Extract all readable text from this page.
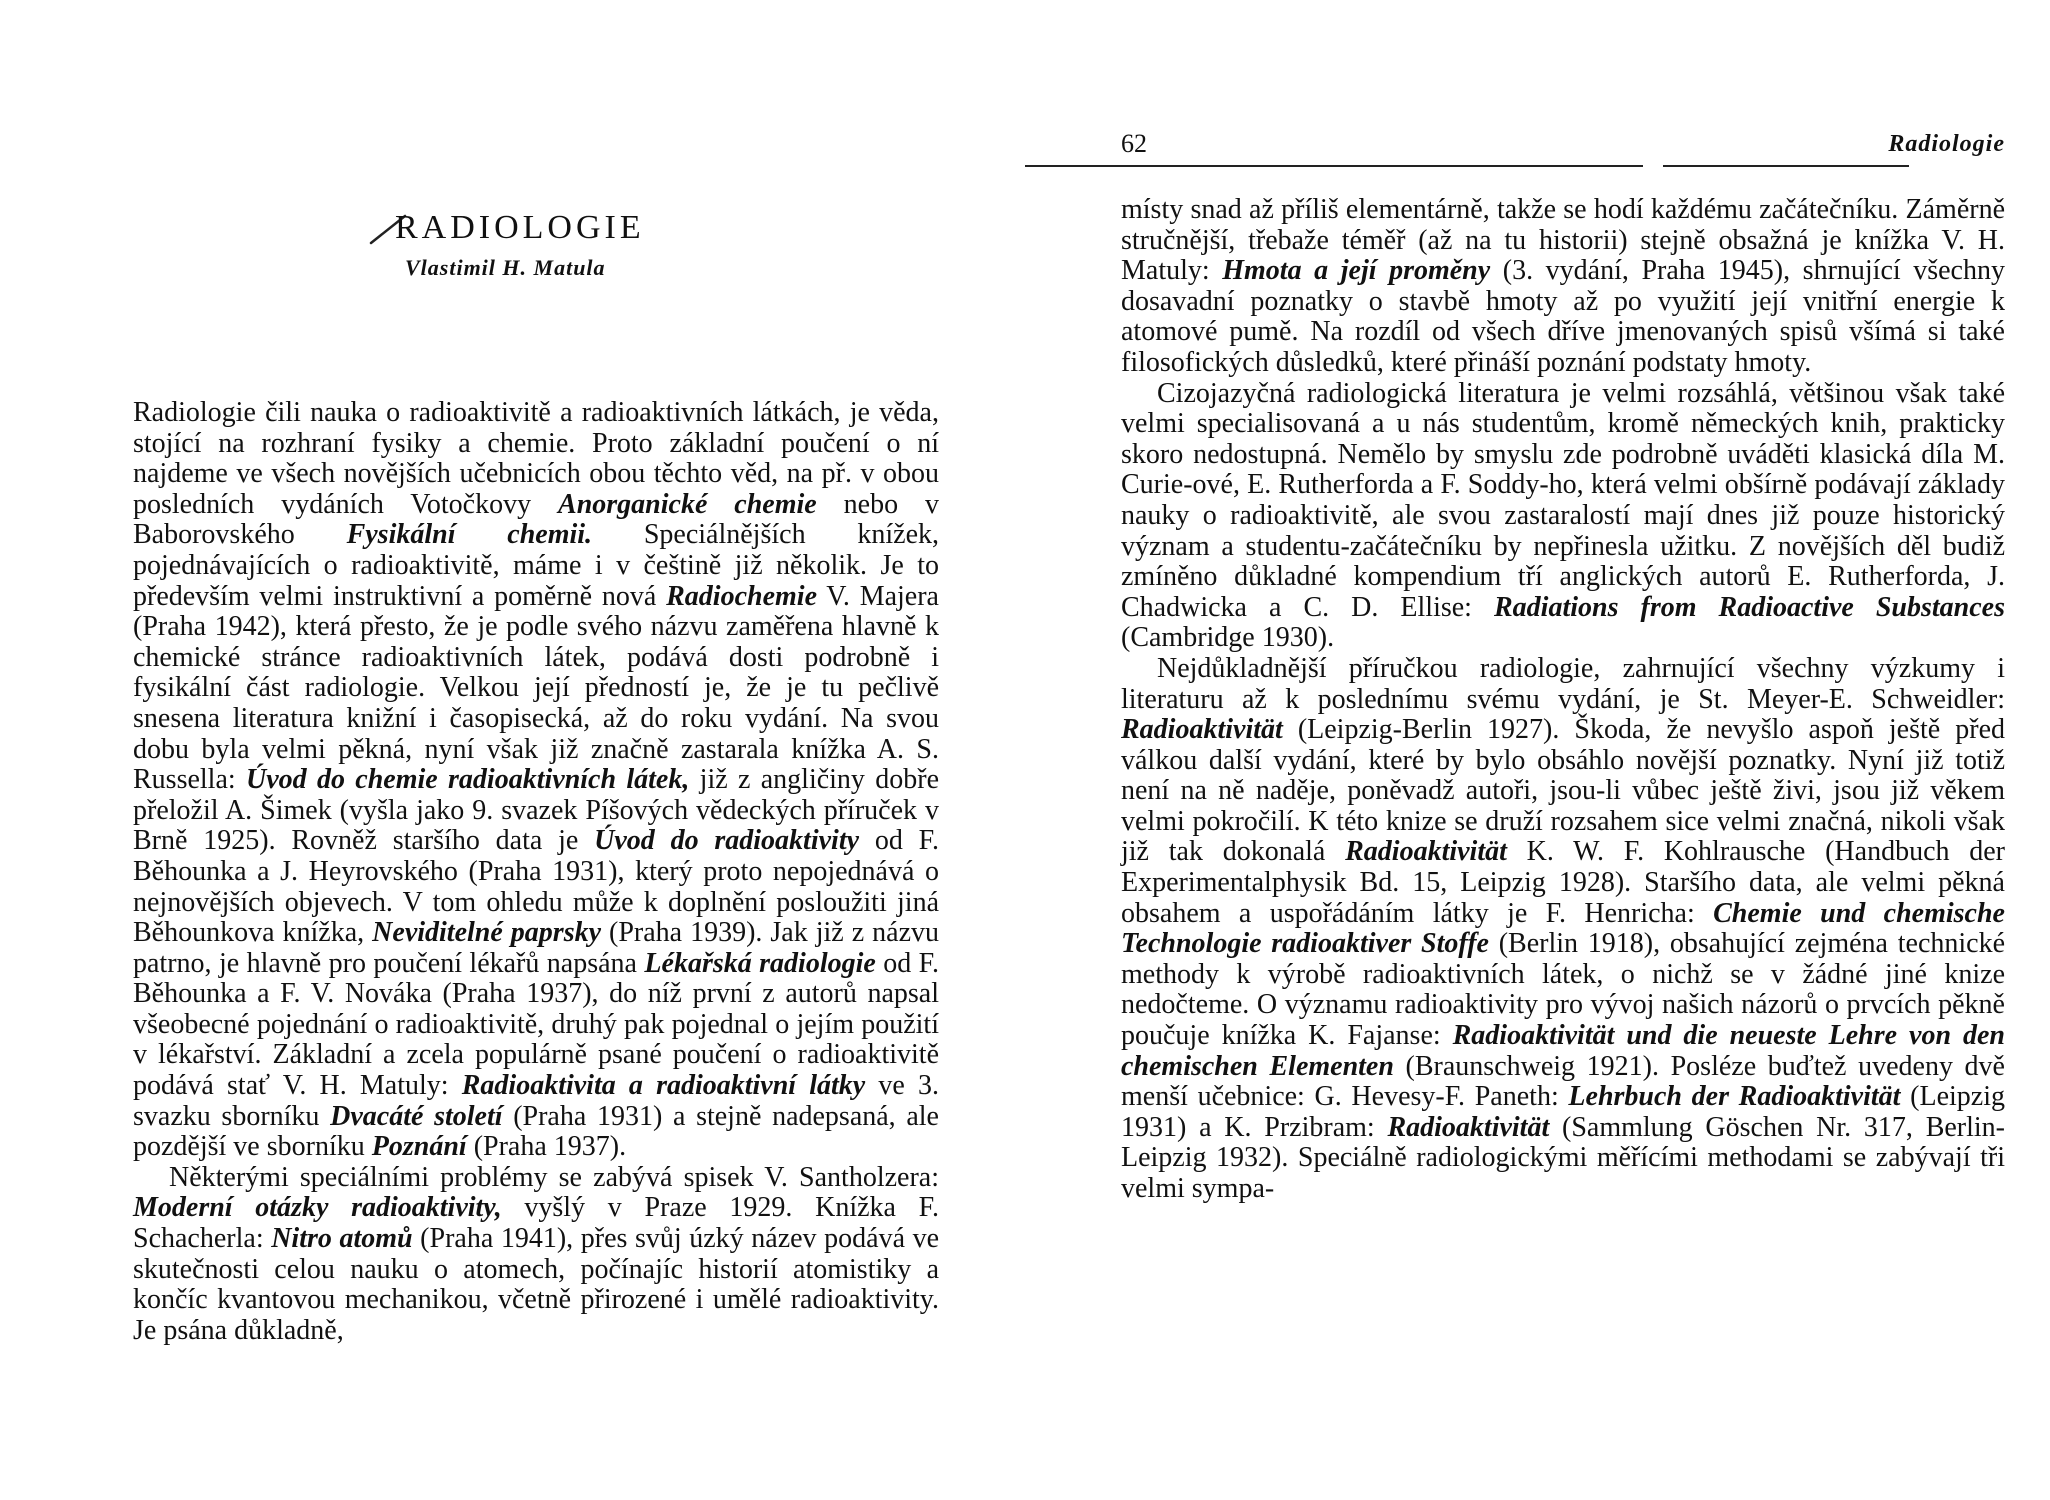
RADIOLOGIE
Vlastimil H. Matula

Radiologie čili nauka o radioaktivitě a radioaktivních látkách, je věda, stojící na rozhraní fysiky a chemie. Proto základní poučení o ní najdeme ve všech novějších učebnicích obou těchto věd, na př. v obou posledních vydáních Votočkovy Anorganické chemie nebo v Baborovského Fysikální chemii. Speciálnějších knížek, pojednávajících o radioaktivitě, máme i v češtině již několik. Je to především velmi instruktivní a poměrně nová Radiochemie V. Majera (Praha 1942), která přesto, že je podle svého názvu zaměřena hlavně k chemické stránce radioaktivních látek, podává dosti podrobně i fysikální část radiologie. Velkou její předností je, že je tu pečlivě snesena literatura knižní i časopisecká, až do roku vydání. Na svou dobu byla velmi pěkná, nyní však již značně zastarala knížka A. S. Russella: Úvod do chemie radioaktivních látek, již z angličiny dobře přeložil A. Šimek (vyšla jako 9. svazek Píšových vědeckých příruček v Brně 1925). Rovněž staršího data je Úvod do radioaktivity od F. Běhounka a J. Heyrovského (Praha 1931), který proto nepojednává o nejnovějších objevech. V tom ohledu může k doplnění posloužiti jiná Běhounkova knížka, Neviditelné paprsky (Praha 1939). Jak již z názvu patrno, je hlavně pro poučení lékařů napsána Lékařská radiologie od F. Běhounka a F. V. Nováka (Praha 1937), do níž první z autorů napsal všeobecné pojednání o radioaktivitě, druhý pak pojednal o jejím použití v lékařství. Základní a zcela populárně psané poučení o radioaktivitě podává stať V. H. Matuly: Radioaktivita a radioaktivní látky ve 3. svazku sborníku Dvacáté století (Praha 1931) a stejně nadepsaná, ale pozdější ve sborníku Poznání (Praha 1937).

Některými speciálními problémy se zabývá spisek V. Santholzera: Moderní otázky radioaktivity, vyšlý v Praze 1929. Knížka F. Schacherla: Nitro atomů (Praha 1941), přes svůj úzký název podává ve skutečnosti celou nauku o atomech, počínajíc historií atomistiky a končíc kvantovou mechanikou, včetně přirozené i umělé radioaktivity. Je psána důkladně,

62	Radiologie

místy snad až příliš elementárně, takže se hodí každému začátečníku. Záměrně stručnější, třebaže téměř (až na tu historii) stejně obsažná je knížka V. H. Matuly: Hmota a její proměny (3. vydání, Praha 1945), shrnující všechny dosavadní poznatky o stavbě hmoty až po využití její vnitřní energie k atomové pumě. Na rozdíl od všech dříve jmenovaných spisů všímá si také filosofických důsledků, které přináší poznání podstaty hmoty.

Cizojazyčná radiologická literatura je velmi rozsáhlá, většinou však také velmi specialisovaná a u nás studentům, kromě německých knih, prakticky skoro nedostupná. Nemělo by smyslu zde podrobně uváděti klasická díla M. Curie-ové, E. Rutherforda a F. Soddy-ho, která velmi obšírně podávají základy nauky o radioaktivitě, ale svou zastaralostí mají dnes již pouze historický význam a studentu-začátečníku by nepřinesla užitku. Z novějších děl budiž zmíněno důkladné kompendium tří anglických autorů E. Rutherforda, J. Chadwicka a C. D. Ellise: Radiations from Radioactive Substances (Cambridge 1930).

Nejdůkladnější příručkou radiologie, zahrnující všechny výzkumy i literaturu až k poslednímu svému vydání, je St. Meyer-E. Schweidler: Radioaktivität (Leipzig-Berlin 1927). Škoda, že nevyšlo aspoň ještě před válkou další vydání, které by bylo obsáhlo novější poznatky. Nyní již totiž není na ně naděje, poněvadž autoři, jsou-li vůbec ještě živi, jsou již věkem velmi pokročilí. K této knize se druží rozsahem sice velmi značná, nikoli však již tak dokonalá Radioaktivität K. W. F. Kohlrausche (Handbuch der Experimentalphysik Bd. 15, Leipzig 1928). Staršího data, ale velmi pěkná obsahem a uspořádáním látky je F. Henricha: Chemie und chemische Technologie radioaktiver Stoffe (Berlin 1918), obsahující zejména technické methody k výrobě radioaktivních látek, o nichž se v žádné jiné knize nedočteme. O významu radioaktivity pro vývoj našich názorů o prvcích pěkně poučuje knížka K. Fajanse: Radioaktivität und die neueste Lehre von den chemischen Elementen (Braunschweig 1921). Posléze buďtež uvedeny dvě menší učebnice: G. Hevesy-F. Paneth: Lehrbuch der Radioaktivität (Leipzig 1931) a K. Przibram: Radioaktivität (Sammlung Göschen Nr. 317, Berlin-Leipzig 1932). Speciálně radiologickými měřícími methodami se zabývají tři velmi sympa-
